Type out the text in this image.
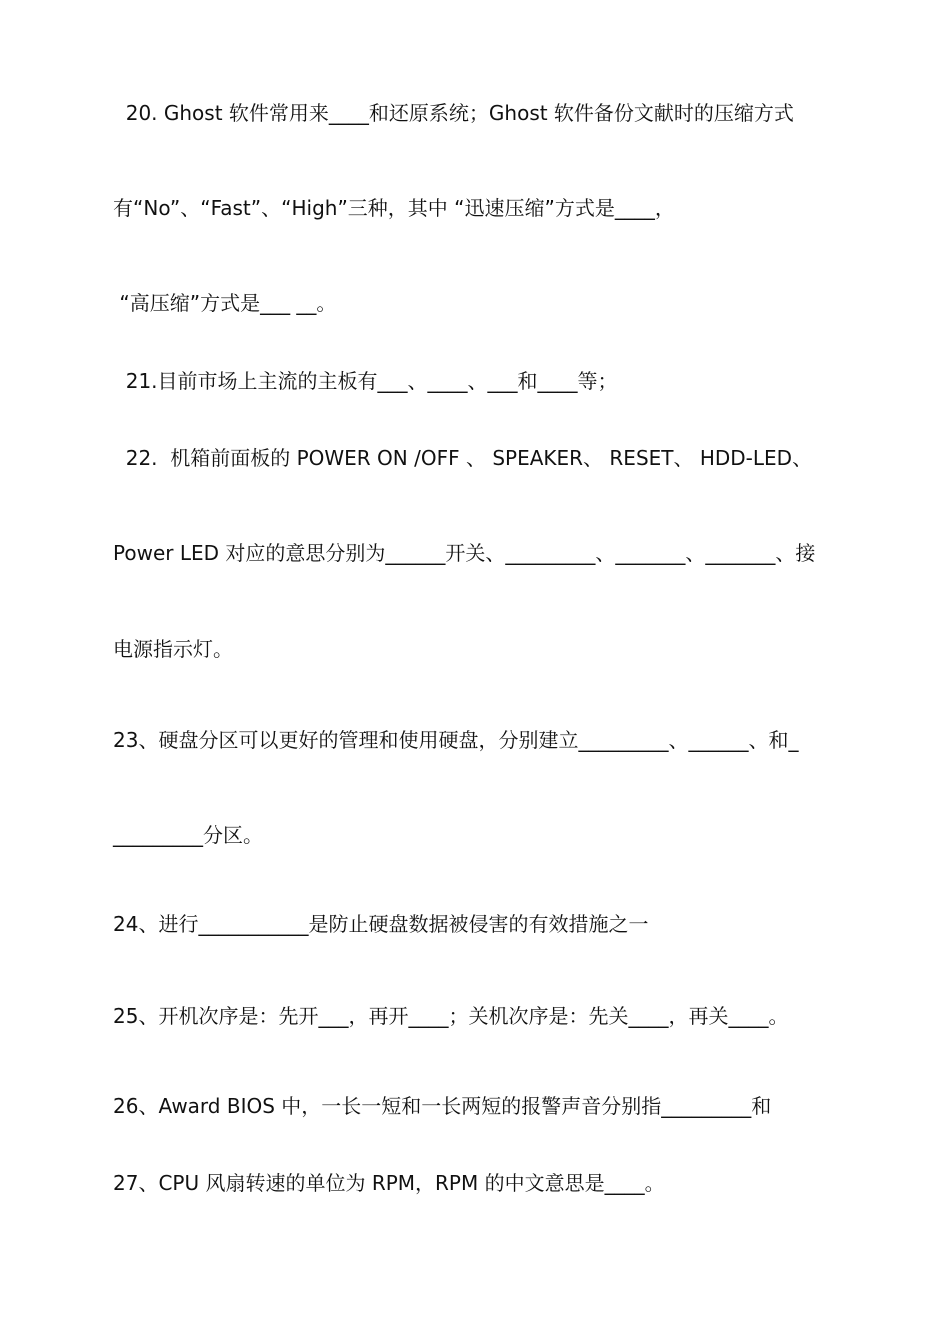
20. Ghost 软件常用来____和还原系统；Ghost 软件备份文献时的压缩方式
有“No”、“Fast”、“High”三种，其中 “迅速压缩”方式是____，
“高压缩”方式是___ __。
21.目前市场上主流的主板有___、____、___和____等；
22.  机箱前面板的 POWER ON /OFF 、 SPEAKER、 RESET、 HDD-LED、
Power LED 对应的意思分别为______开关、_________、_______、_______、接
电源指示灯。
23、硬盘分区可以更好的管理和使用硬盘，分别建立_________、______、和_
_________分区。
24、进行___________是防止硬盘数据被侵害的有效措施之一
25、开机次序是：先开___，再开____；关机次序是：先关____，再关____。
26、Award BIOS 中，一长一短和一长两短的报警声音分别指_________和
27、CPU 风扇转速的单位为 RPM，RPM 的中文意思是____。
